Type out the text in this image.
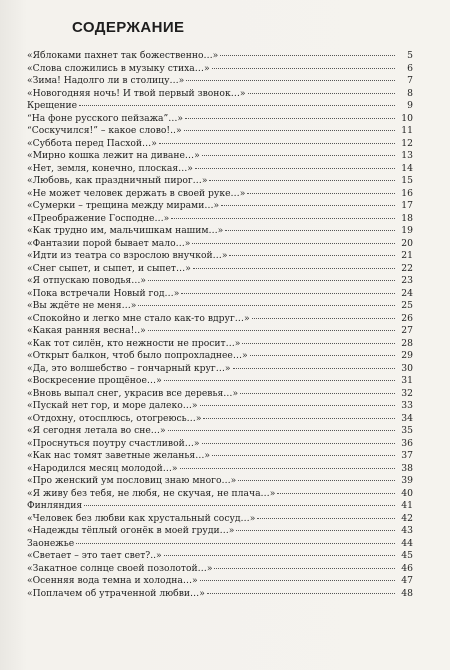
СОДЕРЖАНИЕ
«Яблоками пахнет так божественно…»	5
«Слова сложились в музыку стиха…»	6
«Зима! Надолго ли в столицу…»	7
«Новогодняя ночь! И твой первый звонок…»	8
Крещение	9
“На фоне русского пейзажа”…»	10
“Соскучился!” – какое слово!..»	11
«Суббота перед Пасхой…»	12
«Мирно кошка лежит на диване…»	13
«Нет, земля, конечно, плоская…»	14
«Любовь, как праздничный пирог…»	15
«Не может человек держать в своей руке…»	16
«Сумерки – трещина между мирами…»	17
«Преображение Господне…»	18
«Как трудно им, мальчишкам нашим…»	19
«Фантазии порой бывает мало…»	20
«Идти из театра со взрослою внучкой…»	21
«Снег сыпет, и сыпет, и сыпет…»	22
«Я отпускаю поводья…»	23
«Пока встречали Новый год…»	24
«Вы ждёте не меня…»	25
«Спокойно и легко мне стало как-то вдруг…»	26
«Какая ранняя весна!..»	27
«Как тот силён, кто нежности не просит…»	28
«Открыт балкон, чтоб было попрохладнее…»	29
«Да, это волшебство – гончарный круг…»	30
«Воскресение прощёное…»	31
«Вновь выпал снег, украсив все деревья…»	32
«Пускай нет гор, и море далеко…»	33
«Отдохну, отосплюсь, отогреюсь…»	34
«Я сегодня летала во сне…»	35
«Проснуться поутру счастливой…»	36
«Как нас томят заветные желанья…»	37
«Народился месяц молодой…»	38
«Про женский ум пословиц знаю много…»	39
«Я живу без тебя, не любя, не скучая, не плача…»	40
Финляндия	41
«Человек без любви как хрустальный сосуд…»	42
«Надежды тёплый огонёк в моей груди…»	43
Заонежье	44
«Светает – это тает свет?..»	45
«Закатное солнце своей позолотой…»	46
«Осенняя вода темна и холодна…»	47
«Поплачем об утраченной любви…»	48
